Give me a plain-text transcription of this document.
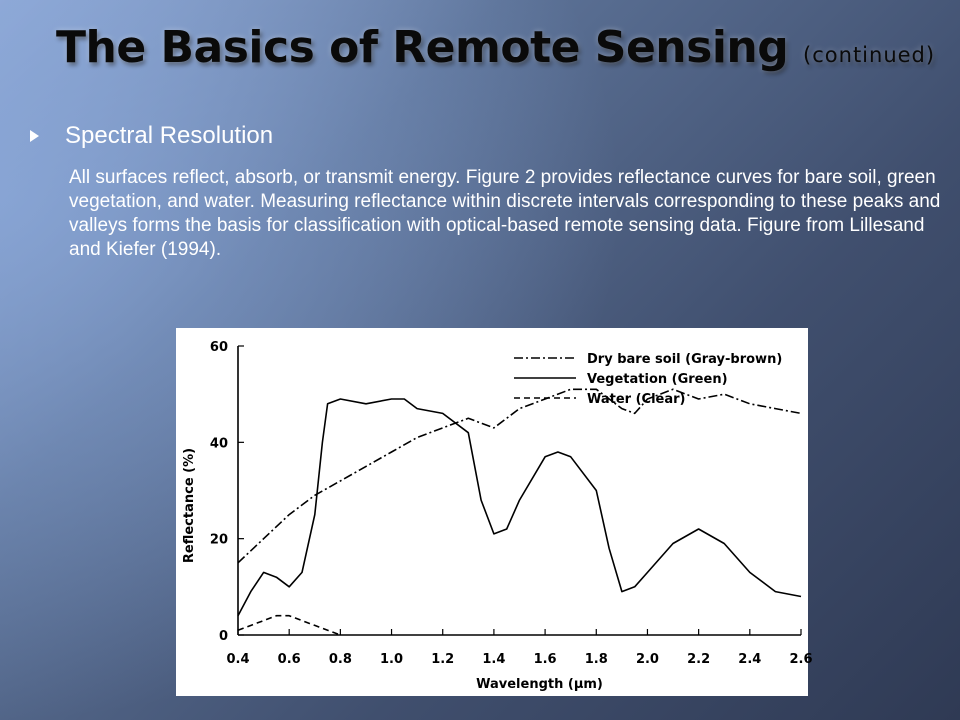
The Basics of Remote Sensing (continued)
Spectral Resolution
All surfaces reflect, absorb, or transmit energy. Figure 2 provides reflectance curves for bare soil, green vegetation, and water. Measuring reflectance within discrete intervals corresponding to these peaks and valleys forms the basis for classification with optical-based remote sensing data. Figure from Lillesand and Kiefer (1994).
0.4 0.6 0.8 1.0 1.2 1.4 1.6 1.8 2.0 2.2 2.4 2.6
0
20
40
60
Wavelength (μm)
Reflectance (%)
Dry bare soil (Gray-brown)
Vegetation (Green)
Water (Clear)
